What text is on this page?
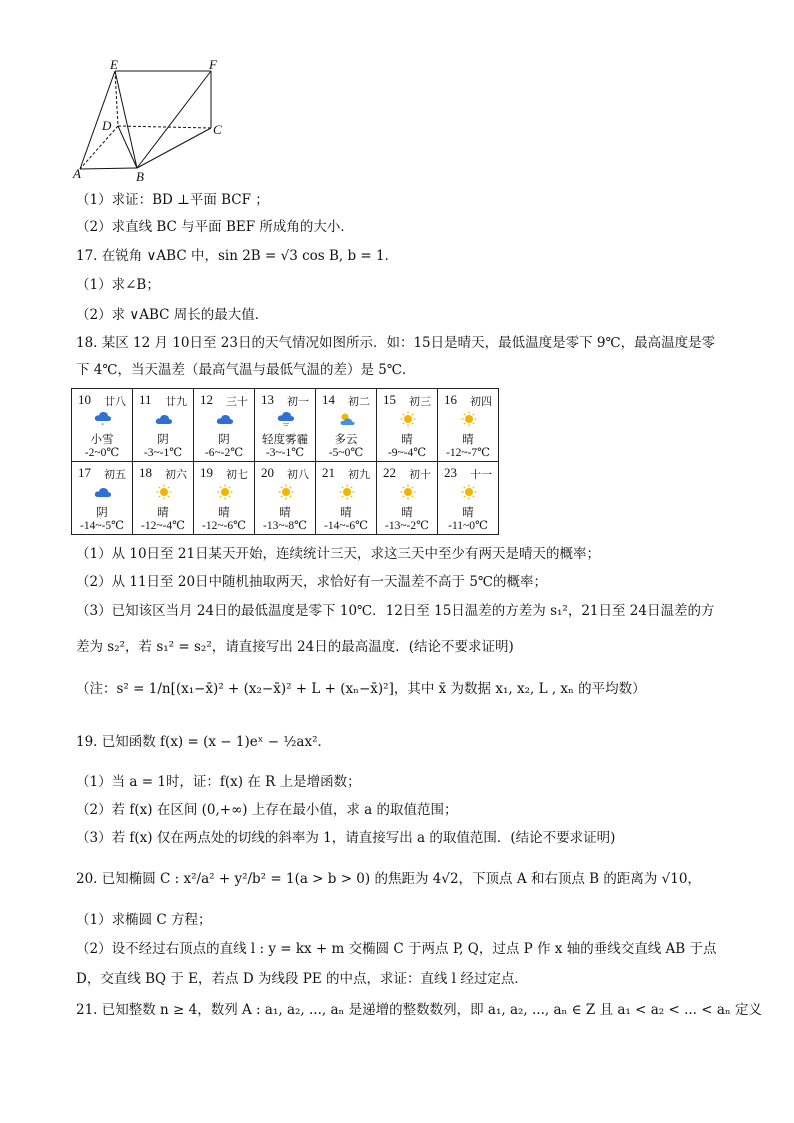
E	F
D	C
A	B
（1）求证：BD ⊥平面 BCF ；
（2）求直线 BC 与平面 BEF 所成角的大小．
17. 在锐角 ∨ABC 中，sin 2B = √3 cos B, b = 1．
（1）求∠B；
（2）求 ∨ABC 周长的最大值．
18. 某区 12 月 10日至 23日的天气情况如图所示．如：15日是晴天，最低温度是零下 9℃，最高温度是零
下 4℃，当天温差（最高气温与最低气温的差）是 5℃．
10 廿八
*
小雪
-2~0℃	11 廿九
阴
-3~-1℃	12 三十
阴
-6~-2℃	13 初一
轻度雾霾
-3~-1℃	14 初二
多云
-5~0℃	15 初三
晴
-9~-4℃	16 初四
晴
-12~-7℃

17 初五
阴
-14~-5℃	18 初六
晴
-12~-4℃	19 初七
晴
-12~-6℃	20 初八
晴
-13~-8℃	21 初九
晴
-14~-6℃	22 初十
晴
-13~-2℃	23 十一
晴
-11~0℃
（1）从 10日至 21日某天开始，连续统计三天，求这三天中至少有两天是晴天的概率；
（2）从 11日至 20日中随机抽取两天，求恰好有一天温差不高于 5℃的概率；
（3）已知该区当月 24日的最低温度是零下 10℃．12日至 15日温差的方差为 s₁²，21日至 24日温差的方
差为 s₂²，若 s₁² = s₂²，请直接写出 24日的最高温度．(结论不要求证明)
（注：s² = 1/n[(x₁−x̄)² + (x₂−x̄)² + L + (xₙ−x̄)²]，其中 x̄ 为数据 x₁, x₂, L , xₙ 的平均数）
19. 已知函数 f(x) = (x − 1)eˣ − ½ax²．
（1）当 a = 1时，证：f(x) 在 R 上是增函数；
（2）若 f(x) 在区间 (0,+∞) 上存在最小值，求 a 的取值范围；
（3）若 f(x) 仅在两点处的切线的斜率为 1，请直接写出 a 的取值范围．(结论不要求证明)
20. 已知椭圆 C : x²/a² + y²/b² = 1(a > b > 0) 的焦距为 4√2，下顶点 A 和右顶点 B 的距离为 √10，
（1）求椭圆 C 方程；
（2）设不经过右顶点的直线 l : y = kx + m 交椭圆 C 于两点 P, Q，过点 P 作 x 轴的垂线交直线 AB 于点
D，交直线 BQ 于 E，若点 D 为线段 PE 的中点，求证：直线 l 经过定点．
21. 已知整数 n ≥ 4，数列 A : a₁, a₂, ..., aₙ 是递增的整数数列，即 a₁, a₂, ..., aₙ ∈ Z 且 a₁ < a₂ < ... < aₙ 定义
